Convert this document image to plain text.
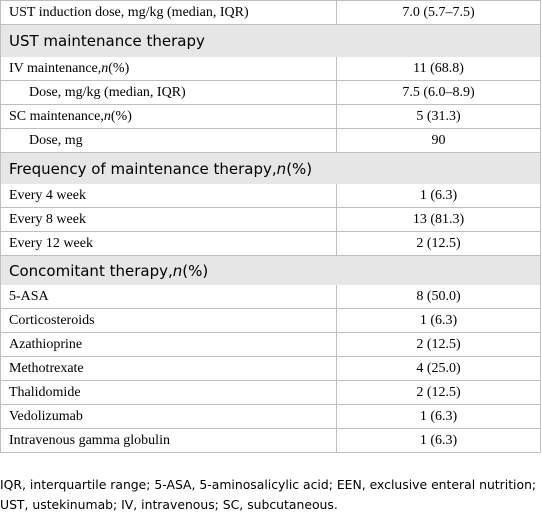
UST induction dose, mg/kg (median, IQR)	7.0 (5.7–7.5)
UST maintenance therapy
IV maintenance, n (%)	11 (68.8)
Dose, mg/kg (median, IQR)	7.5 (6.0–8.9)
SC maintenance, n (%)	5 (31.3)
Dose, mg	90
Frequency of maintenance therapy, n (%)
Every 4 week	1 (6.3)
Every 8 week	13 (81.3)
Every 12 week	2 (12.5)
Concomitant therapy, n (%)
5-ASA	8 (50.0)
Corticosteroids	1 (6.3)
Azathioprine	2 (12.5)
Methotrexate	4 (25.0)
Thalidomide	2 (12.5)
Vedolizumab	1 (6.3)
Intravenous gamma globulin	1 (6.3)
IQR, interquartile range; 5-ASA, 5-aminosalicylic acid; EEN, exclusive enteral nutrition; UST, ustekinumab; IV, intravenous; SC, subcutaneous.
